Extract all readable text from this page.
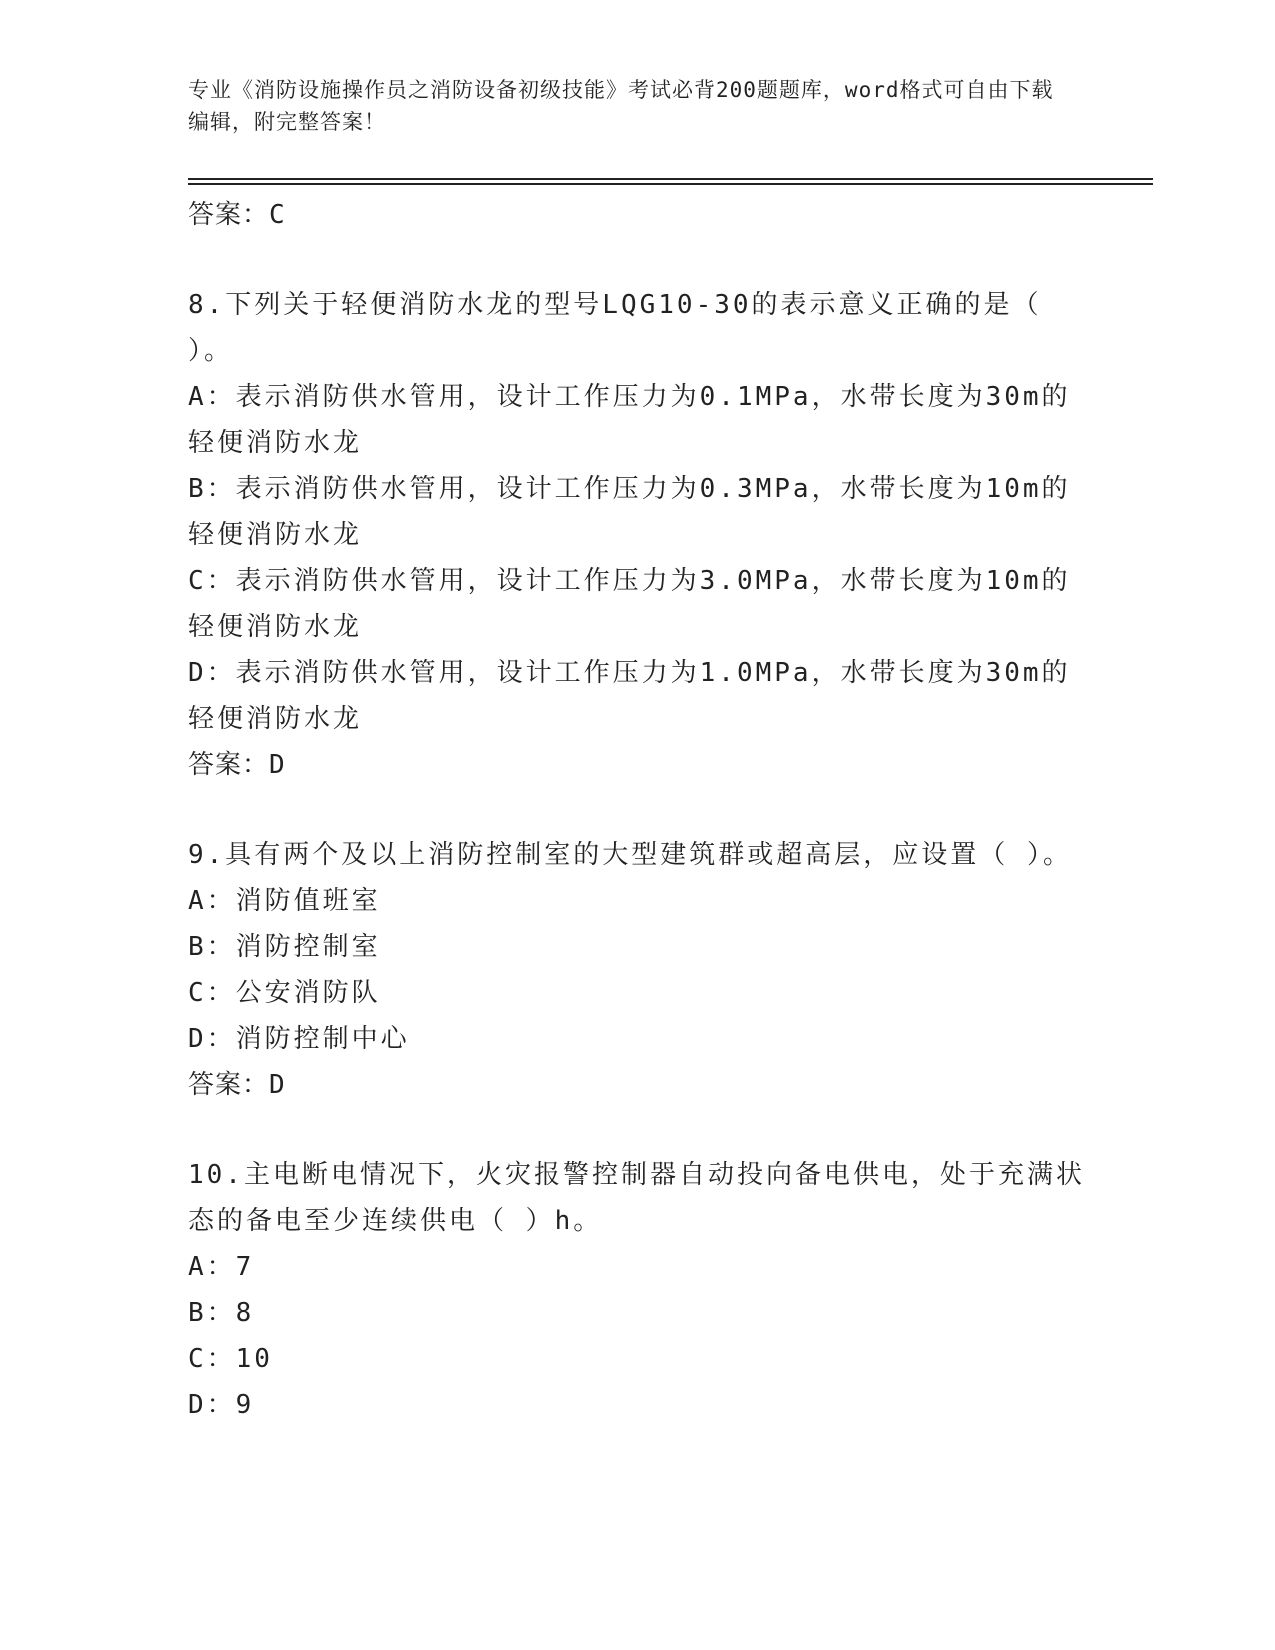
专业《消防设施操作员之消防设备初级技能》考试必背200题题库，word格式可自由下载编辑，附完整答案！

答案：C

8.下列关于轻便消防水龙的型号LQG10-30的表示意义正确的是（ ）。

A：表示消防供水管用，设计工作压力为0.1MPa，水带长度为30m的轻便消防水龙

B：表示消防供水管用，设计工作压力为0.3MPa，水带长度为10m的轻便消防水龙

C：表示消防供水管用，设计工作压力为3.0MPa，水带长度为10m的轻便消防水龙

D：表示消防供水管用，设计工作压力为1.0MPa，水带长度为30m的轻便消防水龙

答案：D

9.具有两个及以上消防控制室的大型建筑群或超高层，应设置（ ）。

A：消防值班室

B：消防控制室

C：公安消防队

D：消防控制中心

答案：D

10.主电断电情况下，火灾报警控制器自动投向备电供电，处于充满状态的备电至少连续供电（ ）h。

A：7

B：8

C：10

D：9
